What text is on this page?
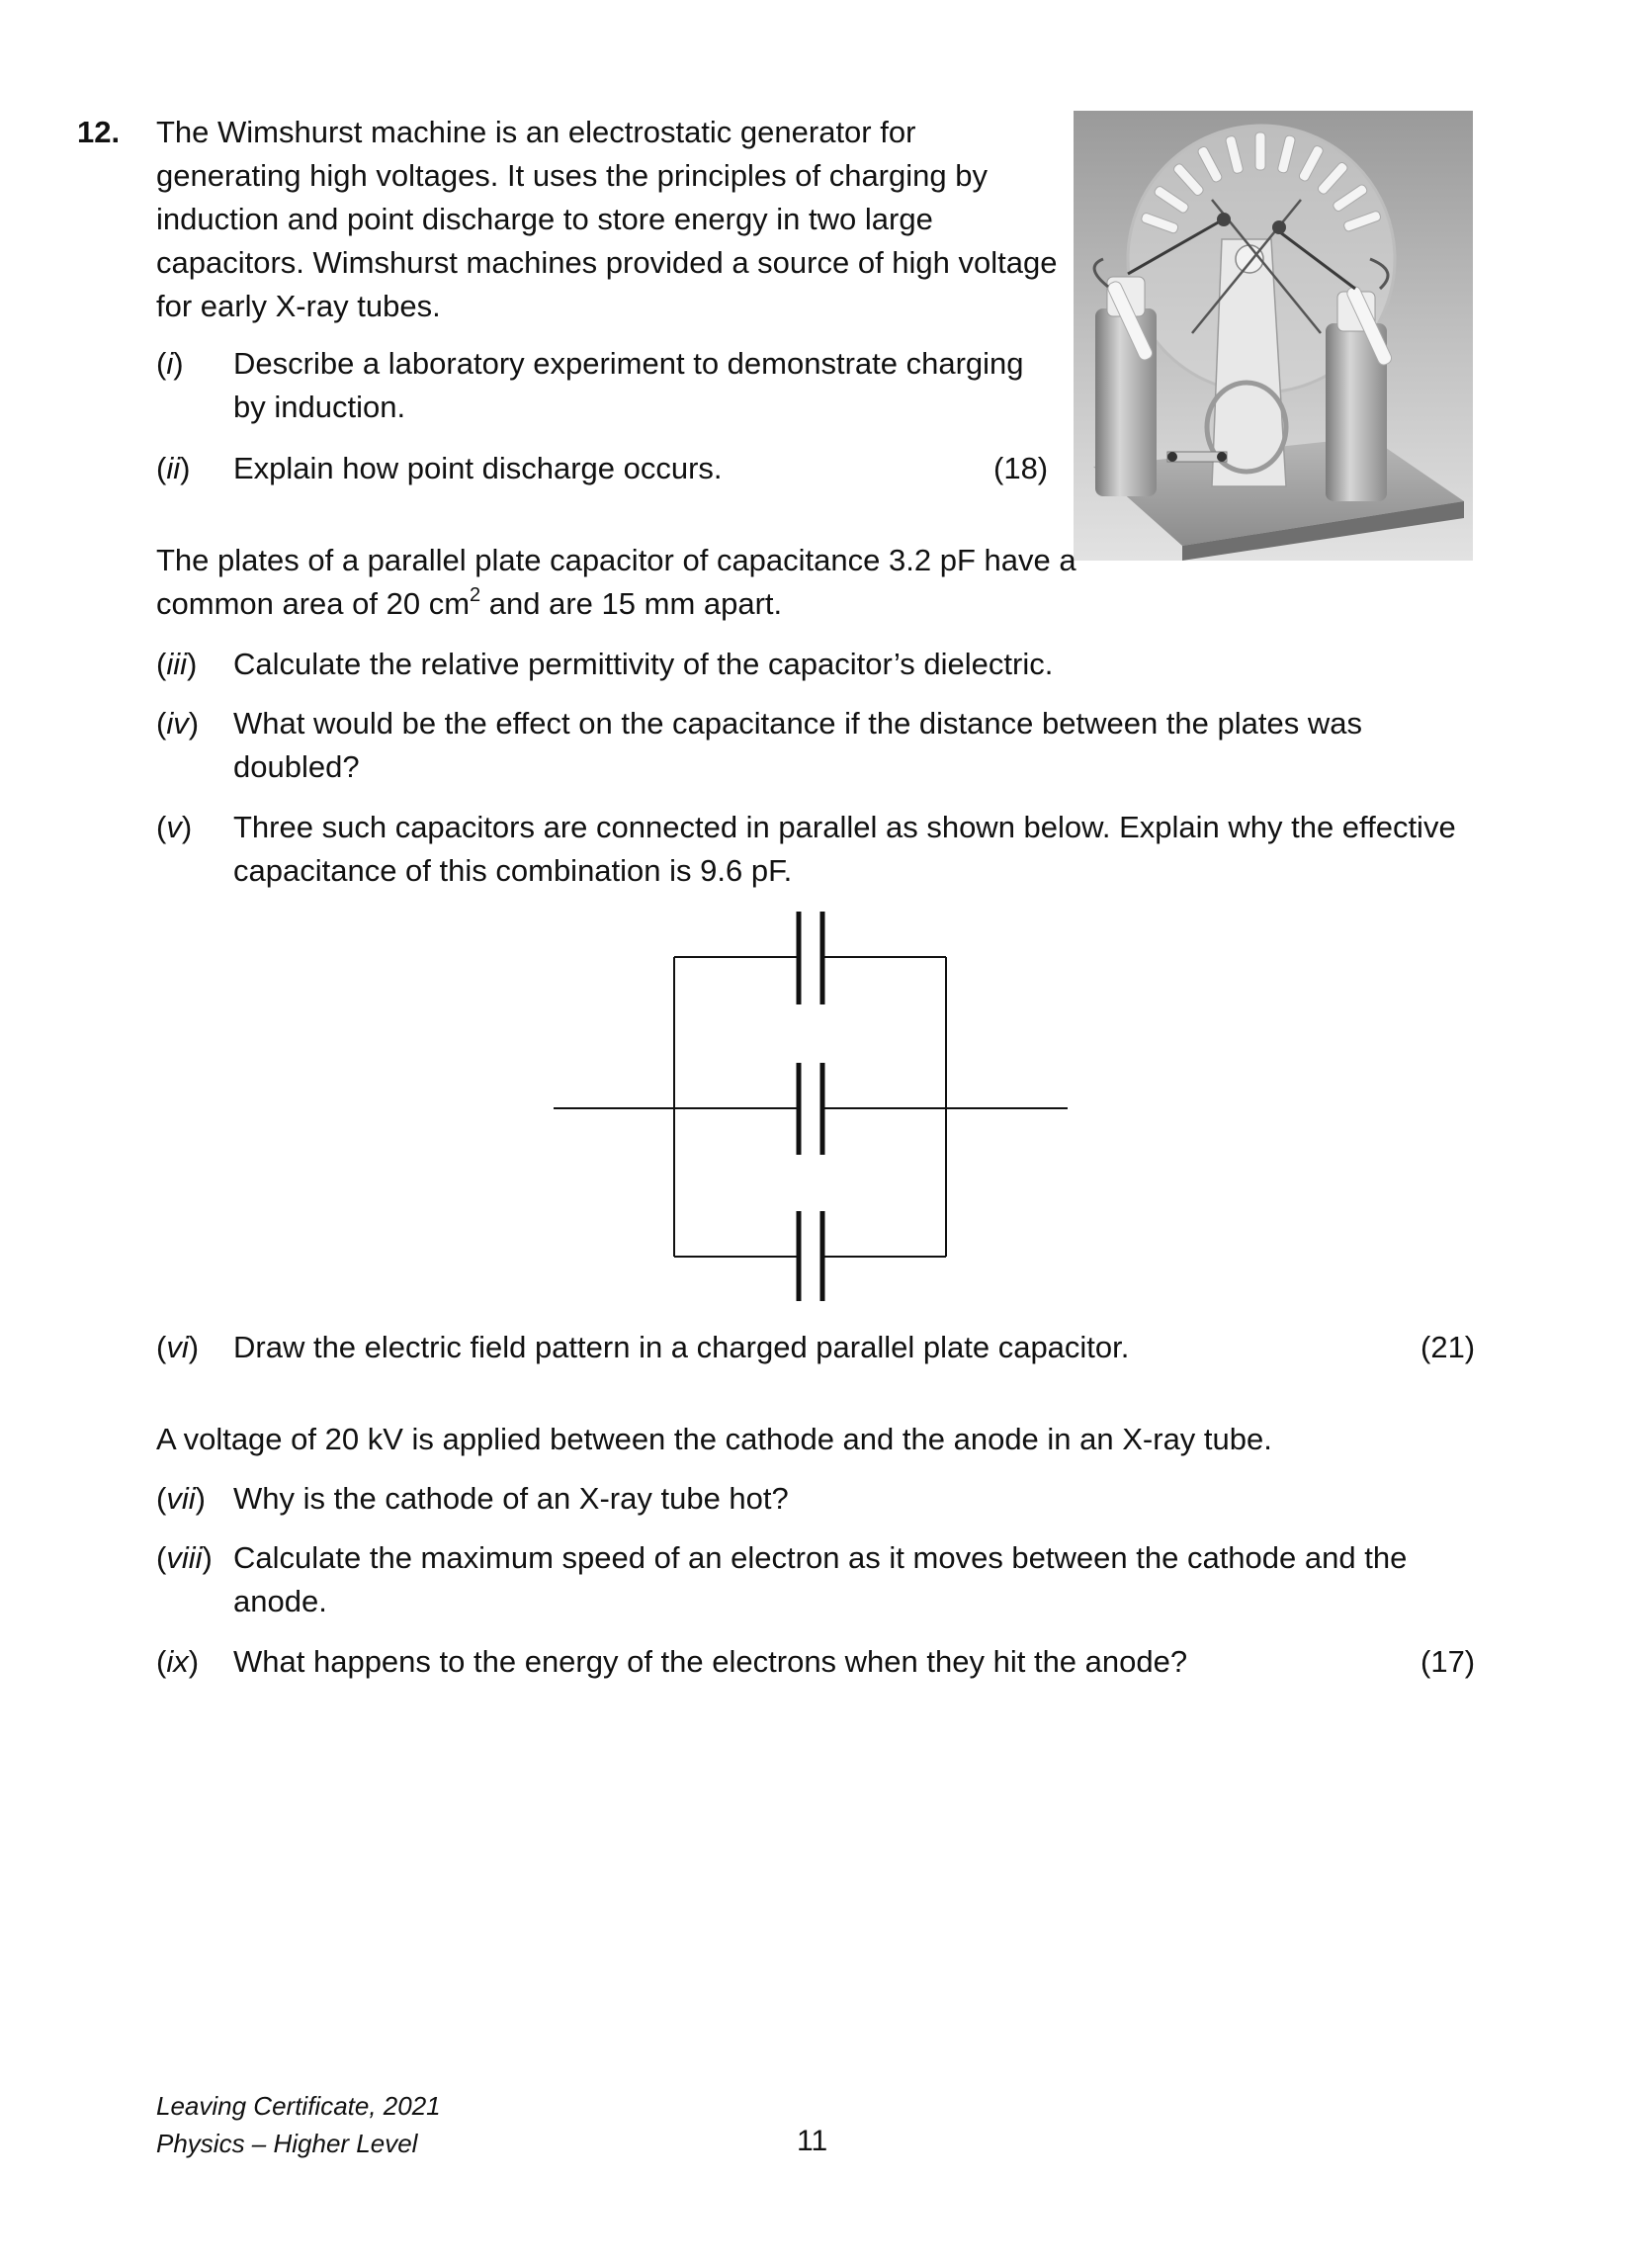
12. The Wimshurst machine is an electrostatic generator for
generating high voltages. It uses the principles of charging by
induction and point discharge to store energy in two large
capacitors. Wimshurst machines provided a source of high voltage
for early X-ray tubes.
(i) Describe a laboratory experiment to demonstrate charging
by induction.
(ii) Explain how point discharge occurs.	(18)
The plates of a parallel plate capacitor of capacitance 3.2 pF have a
common area of 20 $cm^2$ and are 15 mm apart.
(iii) Calculate the relative permittivity of the capacitor’s dielectric.
(iv) What would be the effect on the capacitance if the distance between the plates was
doubled?
(v) Three such capacitors are connected in parallel as shown below. Explain why the effective
capacitance of this combination is 9.6 pF.
(vi) Draw the electric field pattern in a charged parallel plate capacitor.	(21)
A voltage of 20 kV is applied between the cathode and the anode in an X-ray tube.
(vii) Why is the cathode of an X-ray tube hot?
(viii) Calculate the maximum speed of an electron as it moves between the cathode and the
anode.
(ix) What happens to the energy of the electrons when they hit the anode?	(17)
Leaving Certificate, 2021
Physics – Higher Level	11
